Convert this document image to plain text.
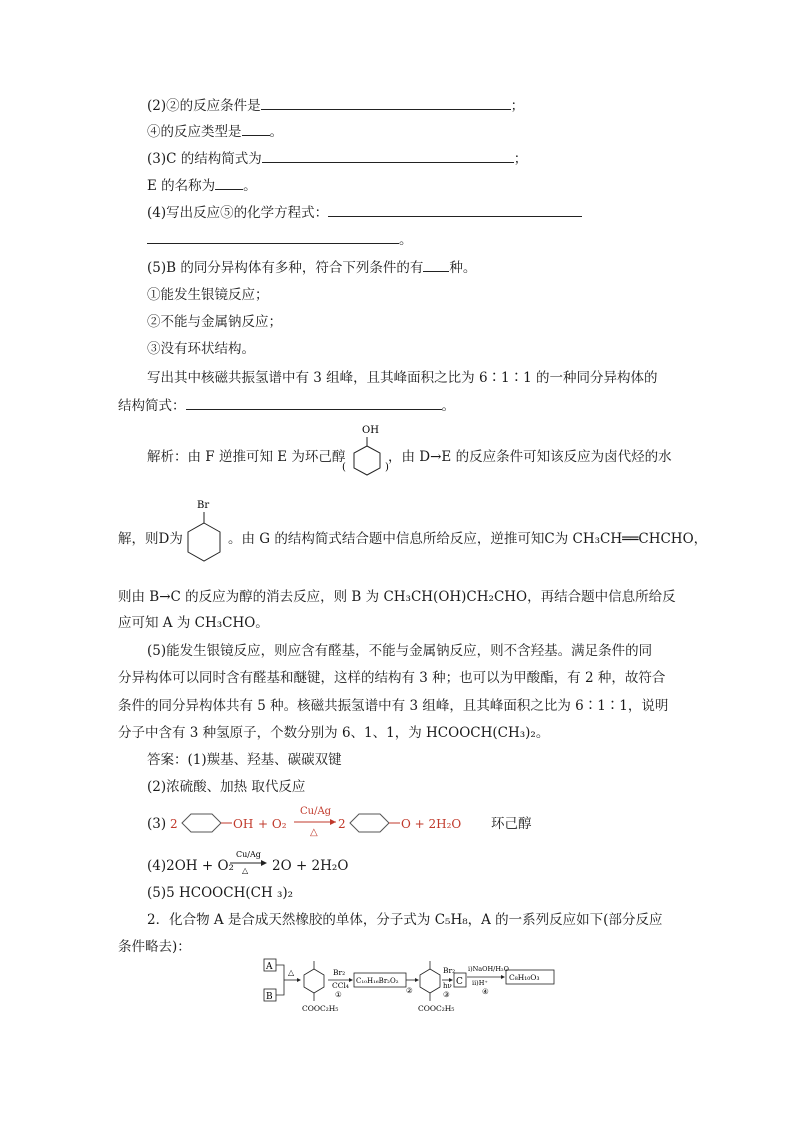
(2)②的反应条件是	；
④的反应类型是 。
(3)C 的结构简式为	；
E 的名称为 。
(4)写出反应⑤的化学方程式：
。
(5)B 的同分异构体有多种，符合下列条件的有 种。
①能发生银镜反应；
②不能与金属钠反应；
③没有环状结构。
写出其中核磁共振氢谱中有 3 组峰，且其峰面积之比为 6∶1∶1 的一种同分异构体的
结构简式：	。
解析：由 F 逆推可知 E 为环己醇
OH
(	)
，由 D→E 的反应条件可知该反应为卤代烃的水
解，则D为
Br
。由 G 的结构简式结合题中信息所给反应，逆推可知C为 CH₃CH══CHCHO，
则由 B→C 的反应为醇的消去反应，则 B 为 CH₃CH(OH)CH₂CHO，再结合题中信息所给反
应可知 A 为 CH₃CHO。
(5)能发生银镜反应，则应含有醛基，不能与金属钠反应，则不含羟基。满足条件的同
分异构体可以同时含有醛基和醚键，这样的结构有 3 种；也可以为甲酸酯，有 2 种，故符合
条件的同分异构体共有 5 种。核磁共振氢谱中有 3 组峰，且其峰面积之比为 6∶1∶1，说明
分子中含有 3 种氢原子，个数分别为 6、1、1，为 HCOOCH(CH₃)₂。
答案：(1)羰基、羟基、碳碳双键
(2)浓硫酸、加热 取代反应
(3) 2	OH + O₂
Cu/Ag
△
2	O + 2H₂O 环己醇
(4)2OH + O₂
Cu/Ag
△ 2O + 2H₂O
(5)5 HCOOCH(CH ₃)₂
2．化合物 A 是合成天然橡胶的单体，分子式为 C₅H₈，A 的一系列反应如下(部分反应
条件略去)：
A
B
△
COOC₂H₅
Br₂
CCl₄
①
C₁₀H₁₆Br₂O₂
②
COOC₂H₅
Br₂
hν
③
C
i)NaOH/H₂O
ii)H⁺
④
C₈H₁₀O₃
